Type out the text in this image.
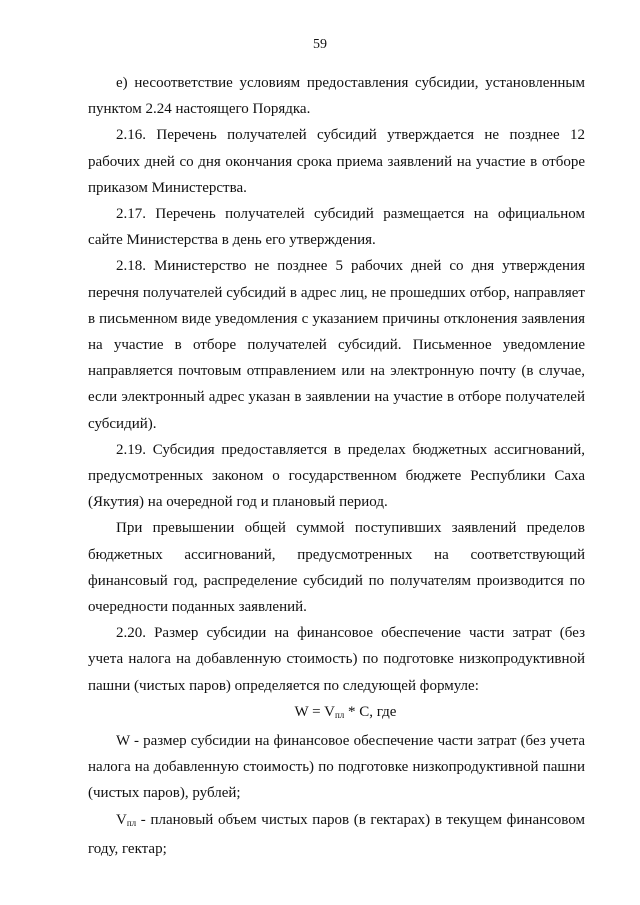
59

е) несоответствие условиям предоставления субсидии, установленным пунктом 2.24 настоящего Порядка.

2.16. Перечень получателей субсидий утверждается не позднее 12 рабочих дней со дня окончания срока приема заявлений на участие в отборе приказом Министерства.

2.17. Перечень получателей субсидий размещается на официальном сайте Министерства в день его утверждения.

2.18. Министерство не позднее 5 рабочих дней со дня утверждения перечня получателей субсидий в адрес лиц, не прошедших отбор, направляет в письменном виде уведомления с указанием причины отклонения заявления на участие в отборе получателей субсидий. Письменное уведомление направляется почтовым отправлением или на электронную почту (в случае, если электронный адрес указан в заявлении на участие в отборе получателей субсидий).

2.19. Субсидия предоставляется в пределах бюджетных ассигнований, предусмотренных законом о государственном бюджете Республики Саха (Якутия) на очередной год и плановый период.

При превышении общей суммой поступивших заявлений пределов бюджетных ассигнований, предусмотренных на соответствующий финансовый год, распределение субсидий по получателям производится по очередности поданных заявлений.

2.20. Размер субсидии на финансовое обеспечение части затрат (без учета налога на добавленную стоимость) по подготовке низкопродуктивной пашни (чистых паров) определяется по следующей формуле:

$W = V_{пл} * С$, где

W - размер субсидии на финансовое обеспечение части затрат (без учета налога на добавленную стоимость) по подготовке низкопродуктивной пашни (чистых паров), рублей;

$V_{пл}$ - плановый объем чистых паров (в гектарах) в текущем финансовом году, гектар;
